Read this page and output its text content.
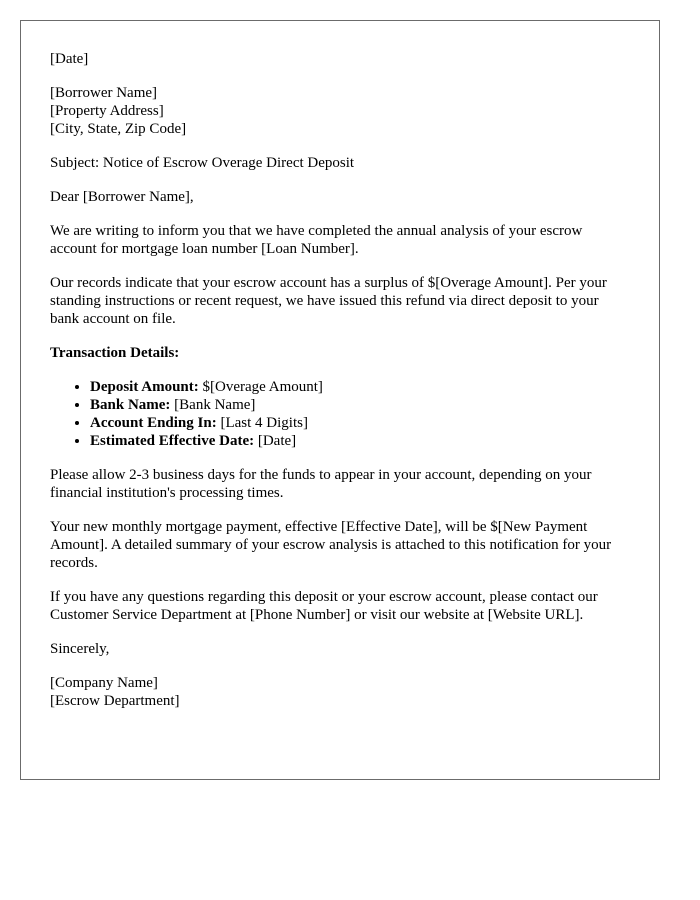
[Date]

[Borrower Name]
[Property Address]
[City, State, Zip Code]

Subject: Notice of Escrow Overage Direct Deposit

Dear [Borrower Name],

We are writing to inform you that we have completed the annual analysis of your escrow account for mortgage loan number [Loan Number].

Our records indicate that your escrow account has a surplus of $[Overage Amount]. Per your standing instructions or recent request, we have issued this refund via direct deposit to your bank account on file.

Transaction Details:

• Deposit Amount: $[Overage Amount]
• Bank Name: [Bank Name]
• Account Ending In: [Last 4 Digits]
• Estimated Effective Date: [Date]

Please allow 2-3 business days for the funds to appear in your account, depending on your financial institution's processing times.

Your new monthly mortgage payment, effective [Effective Date], will be $[New Payment Amount]. A detailed summary of your escrow analysis is attached to this notification for your records.

If you have any questions regarding this deposit or your escrow account, please contact our Customer Service Department at [Phone Number] or visit our website at [Website URL].

Sincerely,

[Company Name]
[Escrow Department]
